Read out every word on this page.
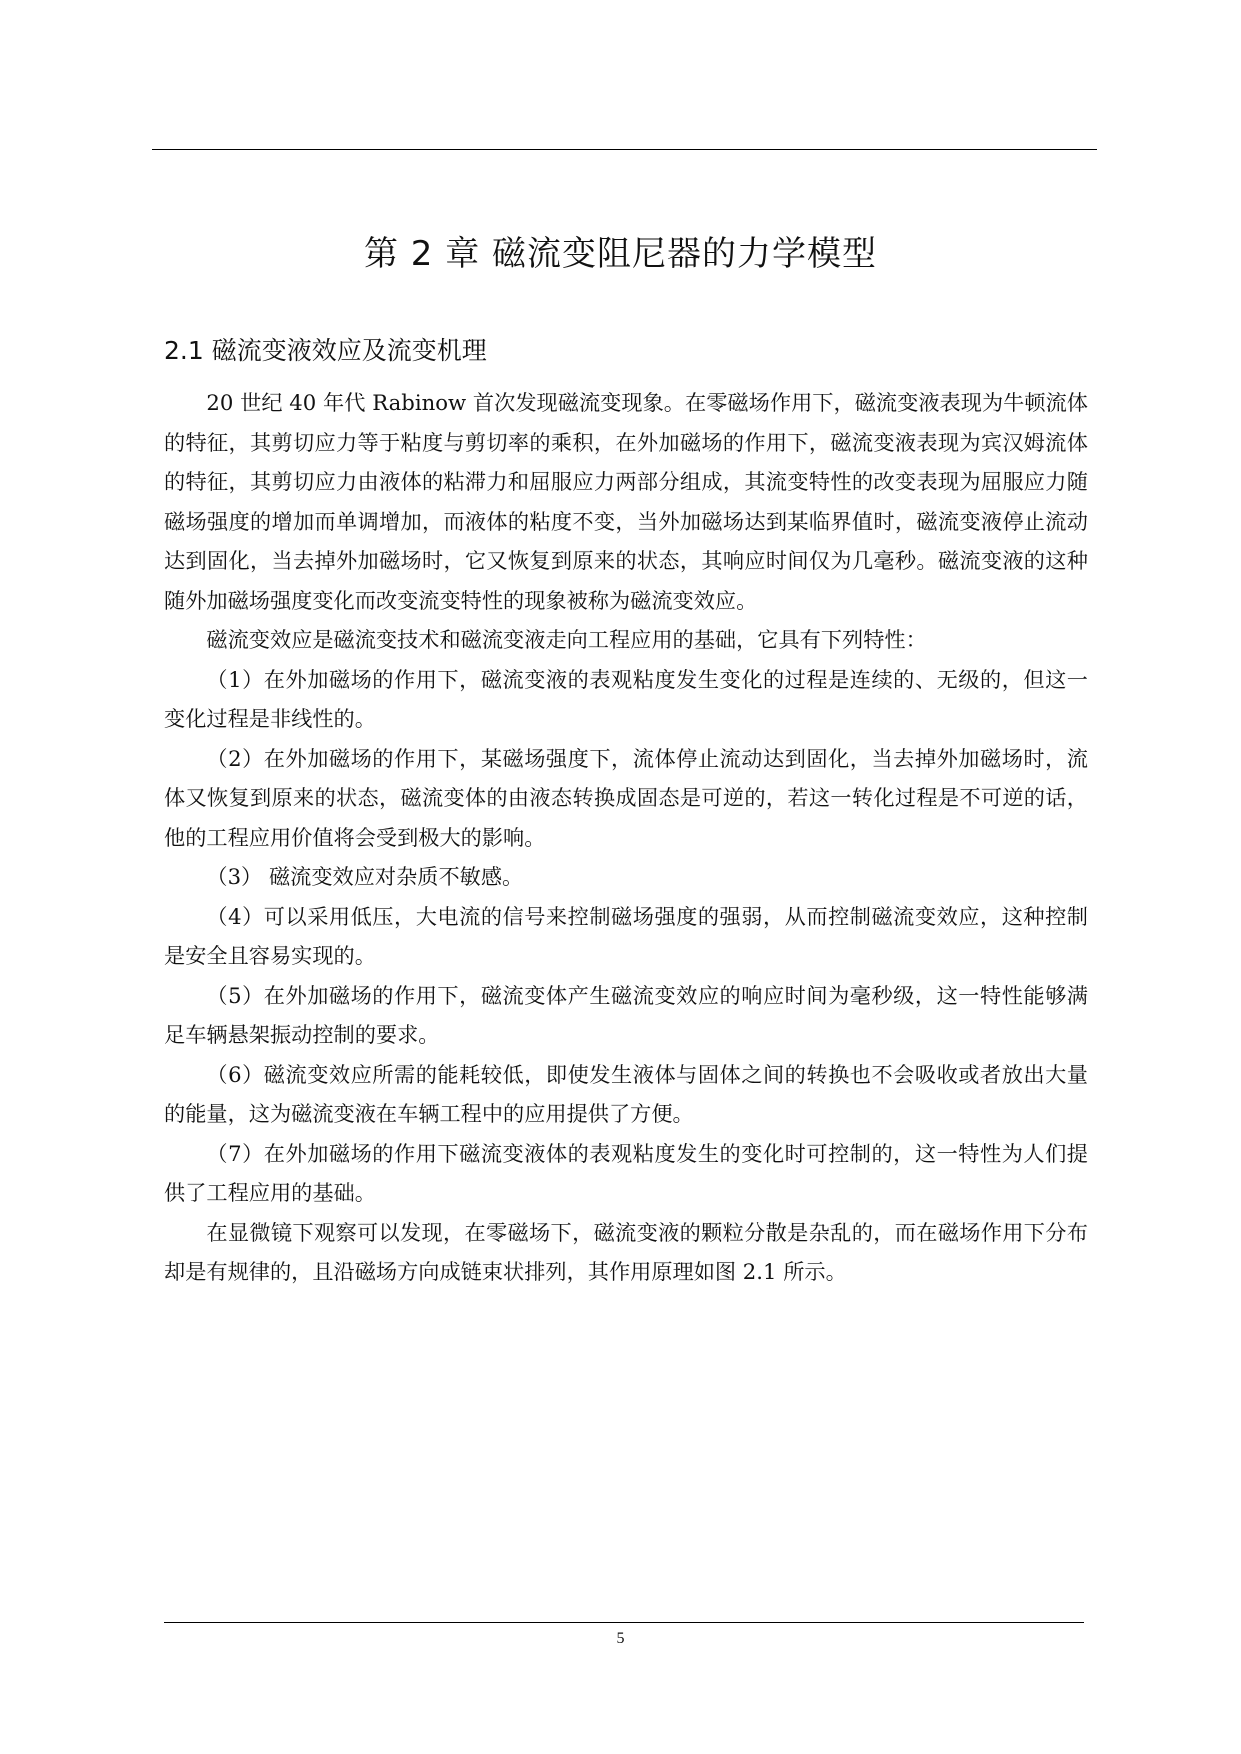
第 2 章 磁流变阻尼器的力学模型
2.1 磁流变液效应及流变机理

20 世纪 40 年代 Rabinow 首次发现磁流变现象。在零磁场作用下，磁流变液表现为牛顿流体的特征，其剪切应力等于粘度与剪切率的乘积，在外加磁场的作用下，磁流变液表现为宾汉姆流体的特征，其剪切应力由液体的粘滞力和屈服应力两部分组成，其流变特性的改变表现为屈服应力随磁场强度的增加而单调增加，而液体的粘度不变，当外加磁场达到某临界值时，磁流变液停止流动达到固化，当去掉外加磁场时，它又恢复到原来的状态，其响应时间仅为几毫秒。磁流变液的这种随外加磁场强度变化而改变流变特性的现象被称为磁流变效应。

磁流变效应是磁流变技术和磁流变液走向工程应用的基础，它具有下列特性：

（1）在外加磁场的作用下，磁流变液的表观粘度发生变化的过程是连续的、无级的，但这一变化过程是非线性的。

（2）在外加磁场的作用下，某磁场强度下，流体停止流动达到固化，当去掉外加磁场时，流体又恢复到原来的状态，磁流变体的由液态转换成固态是可逆的，若这一转化过程是不可逆的话，他的工程应用价值将会受到极大的影响。

（3） 磁流变效应对杂质不敏感。

（4）可以采用低压，大电流的信号来控制磁场强度的强弱，从而控制磁流变效应，这种控制是安全且容易实现的。

（5）在外加磁场的作用下，磁流变体产生磁流变效应的响应时间为毫秒级，这一特性能够满足车辆悬架振动控制的要求。

（6）磁流变效应所需的能耗较低，即使发生液体与固体之间的转换也不会吸收或者放出大量的能量，这为磁流变液在车辆工程中的应用提供了方便。

（7）在外加磁场的作用下磁流变液体的表观粘度发生的变化时可控制的，这一特性为人们提供了工程应用的基础。

在显微镜下观察可以发现，在零磁场下，磁流变液的颗粒分散是杂乱的，而在磁场作用下分布却是有规律的，且沿磁场方向成链束状排列，其作用原理如图 2.1 所示。

5
